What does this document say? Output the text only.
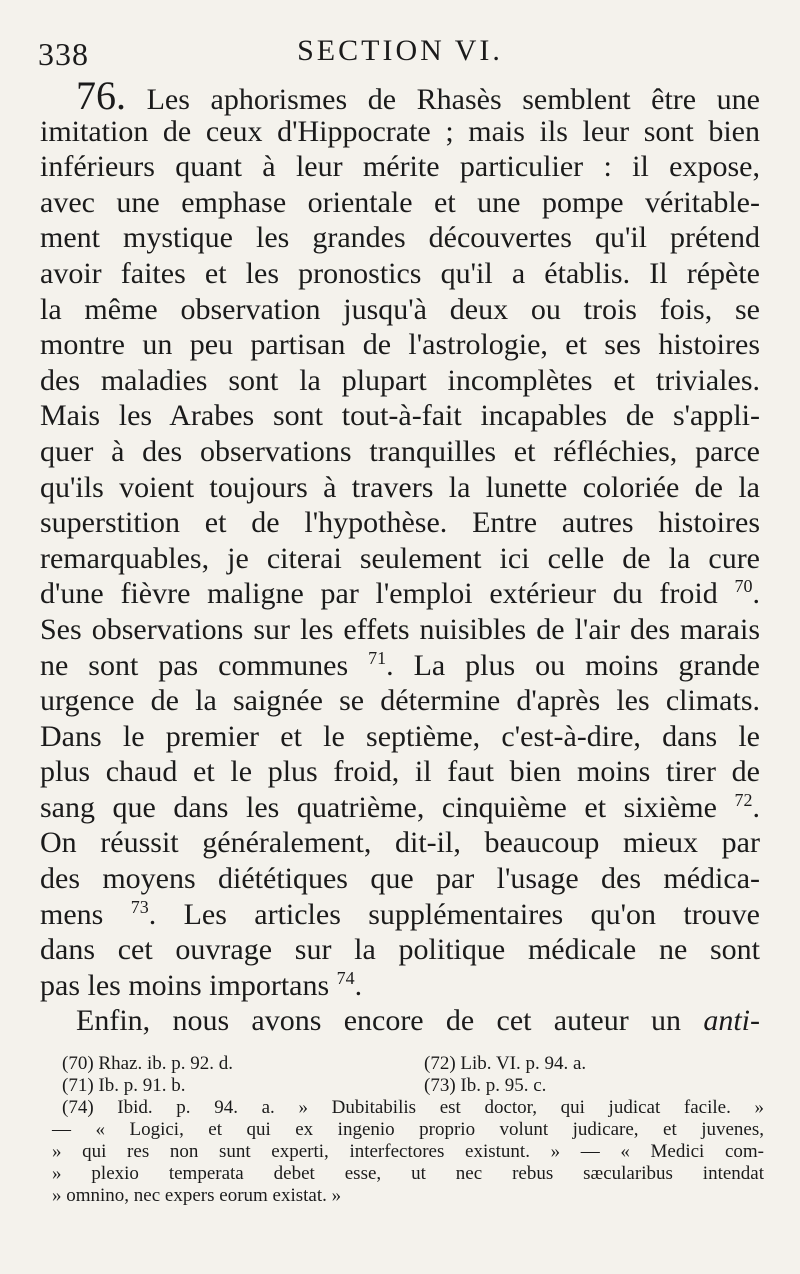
338	SECTION VI.
76. Les aphorismes de Rhasès semblent être une
imitation de ceux d'Hippocrate ; mais ils leur sont bien
inférieurs quant à leur mérite particulier : il expose,
avec une emphase orientale et une pompe véritable-
ment mystique les grandes découvertes qu'il prétend
avoir faites et les pronostics qu'il a établis. Il répète
la même observation jusqu'à deux ou trois fois, se
montre un peu partisan de l'astrologie, et ses histoires
des maladies sont la plupart incomplètes et triviales.
Mais les Arabes sont tout-à-fait incapables de s'appli-
quer à des observations tranquilles et réfléchies, parce
qu'ils voient toujours à travers la lunette coloriée de la
superstition et de l'hypothèse. Entre autres histoires
remarquables, je citerai seulement ici celle de la cure
d'une fièvre maligne par l'emploi extérieur du froid $^{70}$.
Ses observations sur les effets nuisibles de l'air des marais
ne sont pas communes $^{71}$. La plus ou moins grande
urgence de la saignée se détermine d'après les climats.
Dans le premier et le septième, c'est-à-dire, dans le
plus chaud et le plus froid, il faut bien moins tirer de
sang que dans les quatrième, cinquième et sixième $^{72}$.
On réussit généralement, dit-il, beaucoup mieux par
des moyens diététiques que par l'usage des médica-
mens $^{73}$. Les articles supplémentaires qu'on trouve
dans cet ouvrage sur la politique médicale ne sont
pas les moins importans $^{74}$.
Enfin, nous avons encore de cet auteur un anti-
(70) Rhaz. ib. p. 92. d.	(72) Lib. VI. p. 94. a.
(71) Ib. p. 91. b.	(73) Ib. p. 95. c.
(74) Ibid. p. 94. a. » Dubitabilis est doctor, qui judicat facile. »
— « Logici, et qui ex ingenio proprio volunt judicare, et juvenes,
» qui res non sunt experti, interfectores existunt. » — « Medici com-
» plexio temperata debet esse, ut nec rebus sæcularibus intendat
» omnino, nec expers eorum existat. »
